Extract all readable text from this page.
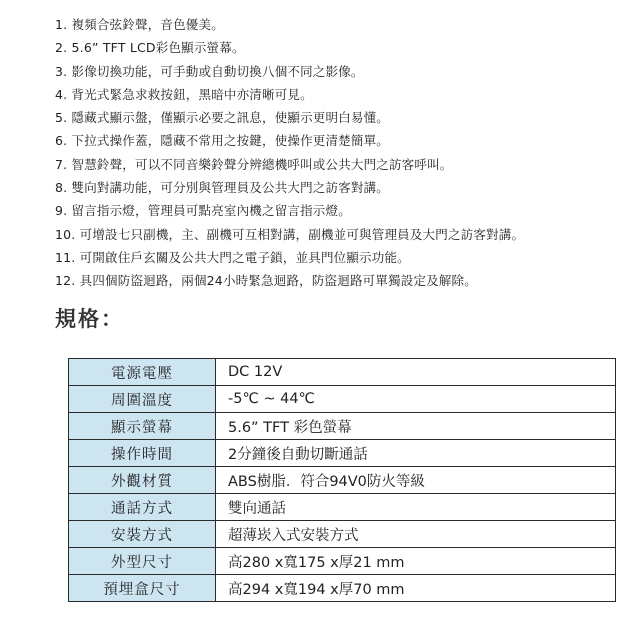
1. 複頻合弦鈴聲，音色優美。
2. 5.6” TFT LCD彩色顯示螢幕。
3. 影像切換功能，可手動或自動切換八個不同之影像。
4. 背光式緊急求救按鈕，黑暗中亦清晰可見。
5. 隱藏式顯示盤，僅顯示必要之訊息，使顯示更明白易懂。
6. 下拉式操作蓋，隱藏不常用之按鍵，使操作更清楚簡單。
7. 智慧鈴聲，可以不同音樂鈴聲分辨總機呼叫或公共大門之訪客呼叫。
8. 雙向對講功能，可分別與管理員及公共大門之訪客對講。
9. 留言指示燈，管理員可點亮室內機之留言指示燈。
10. 可增設七只副機，主、副機可互相對講，副機並可與管理員及大門之訪客對講。
11. 可開啟住戶玄關及公共大門之電子鎖，並具門位顯示功能。
12. 具四個防盜迴路，兩個24小時緊急迴路，防盜迴路可單獨設定及解除。
規格：
電源電壓	DC 12V
周圍溫度	-5℃ ~ 44℃
顯示螢幕	5.6” TFT 彩色螢幕
操作時間	2分鐘後自動切斷通話
外觀材質	ABS樹脂．符合94V0防火等級
通話方式	雙向通話
安裝方式	超薄崁入式安裝方式
外型尺寸	高280 x寬175 x厚21 mm
預埋盒尺寸	高294 x寬194 x厚70 mm
